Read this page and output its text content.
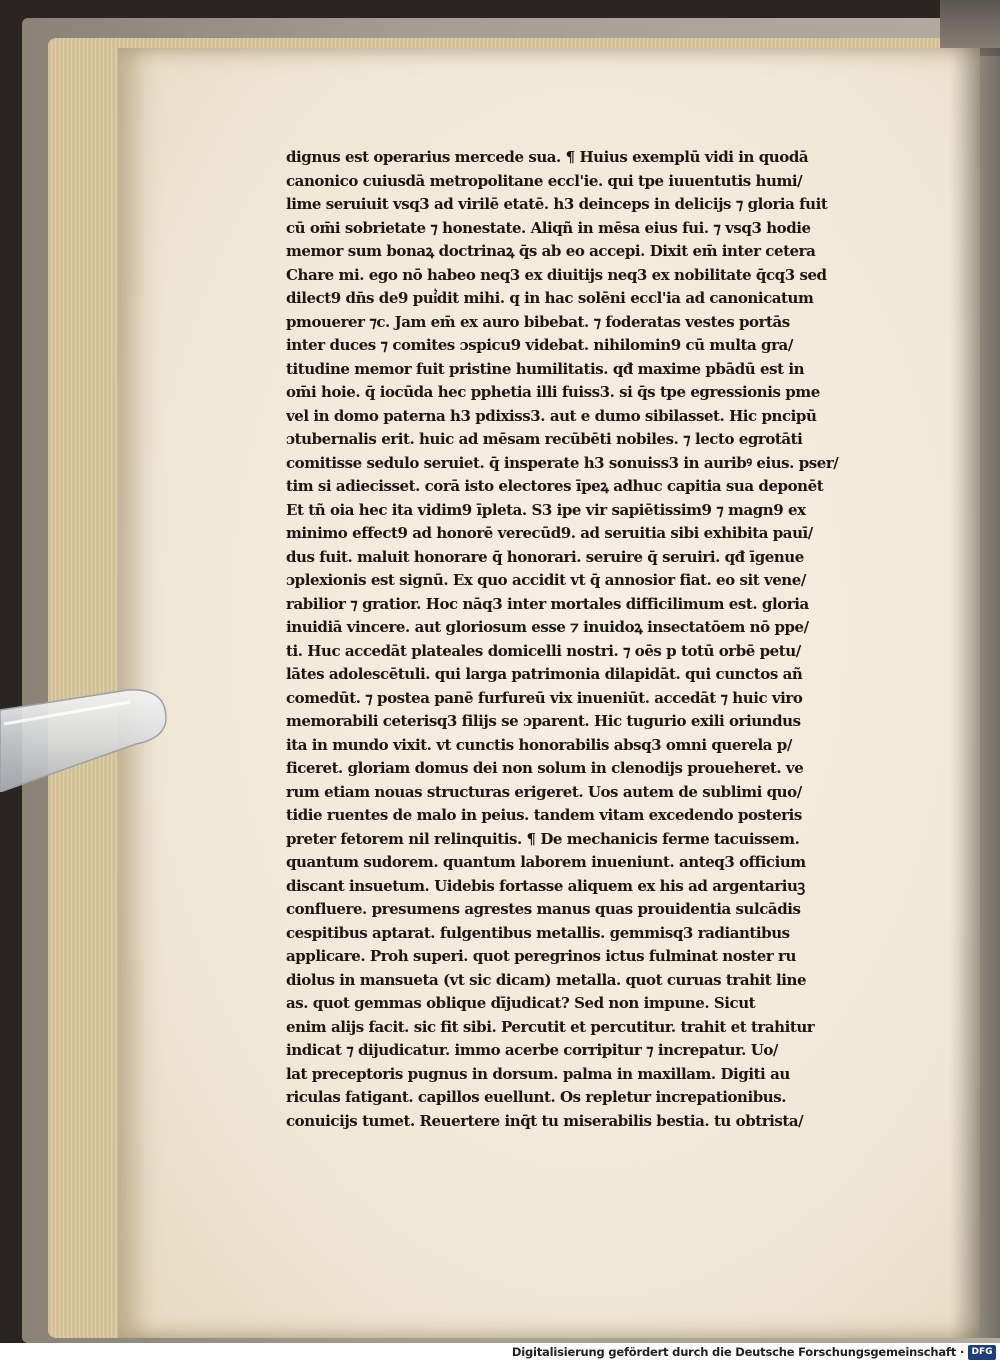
dignus est operarius mercede sua. ¶ Huius exemplū vidi in quodā
canonico cuiusdā metropolitane eccl'ie. qui tpe iuuentutis humi/
lime seruiuit vsq3 ad virilē etatē. h3 deinceps in delicijs ⁊ gloria fuit
cū om̄i sobrietate ⁊ honestate. Aliqñ in mēsa eius fui. ⁊ vsq3 hodie
memor sum bonaꝝ doctrinaꝝ q̄s ab eo accepi. Dixit em̄ inter cetera
Chare mi. ego nō habeo neq3 ex diuitijs neq3 ex nobilitate q̄cq3 sed
dilect9 dn̄s de9 pui͛dit mihi. q in hac solēni eccl'ia ad canonicatum
pmouerer ⁊c. Jam em̄ ex auro bibebat. ⁊ foderatas vestes portās
inter duces ⁊ comites ɔspicu9 videbat. nihilomin9 cū multa gra/
titudine memor fuit pristine humilitatis. qđ maxime pbādū est in
om̄i hoie. q̄ iocūda hec pphetia illi fuiss3. si q̄s tpe egressionis pme
vel in domo paterna h3 pdixiss3. aut e dumo sibilasset. Hic pncipū
ɔtubernalis erit. huic ad mēsam recūbēti nobiles. ⁊ lecto egrotāti
comitisse sedulo seruiet. q̄ insperate h3 sonuiss3 in auribꝰ eius. pser/
tim si adiecisset. corā isto electores īpeꝝ adhuc capitia sua deponēt
Et tñ oia hec ita vidim9 īpleta. S3 ipe vir sapiētissim9 ⁊ magn9 ex
minimo effect9 ad honorē verecūd9. ad seruitia sibi exhibita pauī/
dus fuit. maluit honorare q̄ honorari. seruire q̄ seruiri. qđ īgenue
ɔplexionis est signū. Ex quo accidit vt q̄ annosior fiat. eo sit vene/
rabilior ⁊ gratior. Hoc nāq3 inter mortales difficilimum est. gloria
inuidiā vincere. aut gloriosum esse ⁊ inuidoꝝ insectatōem nō ppe/
ti. Huc accedāt plateales domicelli nostri. ⁊ oēs p totū orbē petu/
lātes adolescētuli. qui larga patrimonia dilapidāt. qui cunctos añ
comedūt. ⁊ postea panē furfureū vix inueniūt. accedāt ⁊ huic viro
memorabili ceterisq3 filijs se ɔparent. Hic tugurio exili oriundus
ita in mundo vixit. vt cunctis honorabilis absq3 omni querela p/
ficeret. gloriam domus dei non solum in clenodijs proueheret. ve
rum etiam nouas structuras erigeret. Uos autem de sublimi quo/
tidie ruentes de malo in peius. tandem vitam excedendo posteris
preter fetorem nil relinquitis. ¶ De mechanicis ferme tacuissem.
quantum sudorem. quantum laborem inueniunt. anteq3 officium
discant insuetum. Uidebis fortasse aliquem ex his ad argentariuꝫ
confluere. presumens agrestes manus quas prouidentia sulcādis
cespitibus aptarat. fulgentibus metallis. gemmisq3 radiantibus
applicare. Proh superi. quot peregrinos ictus fulminat noster ru
diolus in mansueta (vt sic dicam) metalla. quot curuas trahit line
as. quot gemmas oblique dījudicat? Sed non impune. Sicut
enim alijs facit. sic fit sibi. Percutit et percutitur. trahit et trahitur
indicat ⁊ dijudicatur. immo acerbe corripitur ⁊ increpatur. Uo/
lat preceptoris pugnus in dorsum. palma in maxillam. Digiti au
riculas fatigant. capillos euellunt. Os repletur increpationibus.
conuicijs tumet. Reuertere inq̄t tu miserabilis bestia. tu obtrista/
Digitalisierung gefördert durch die Deutsche Forschungsgemeinschaft · DFG
